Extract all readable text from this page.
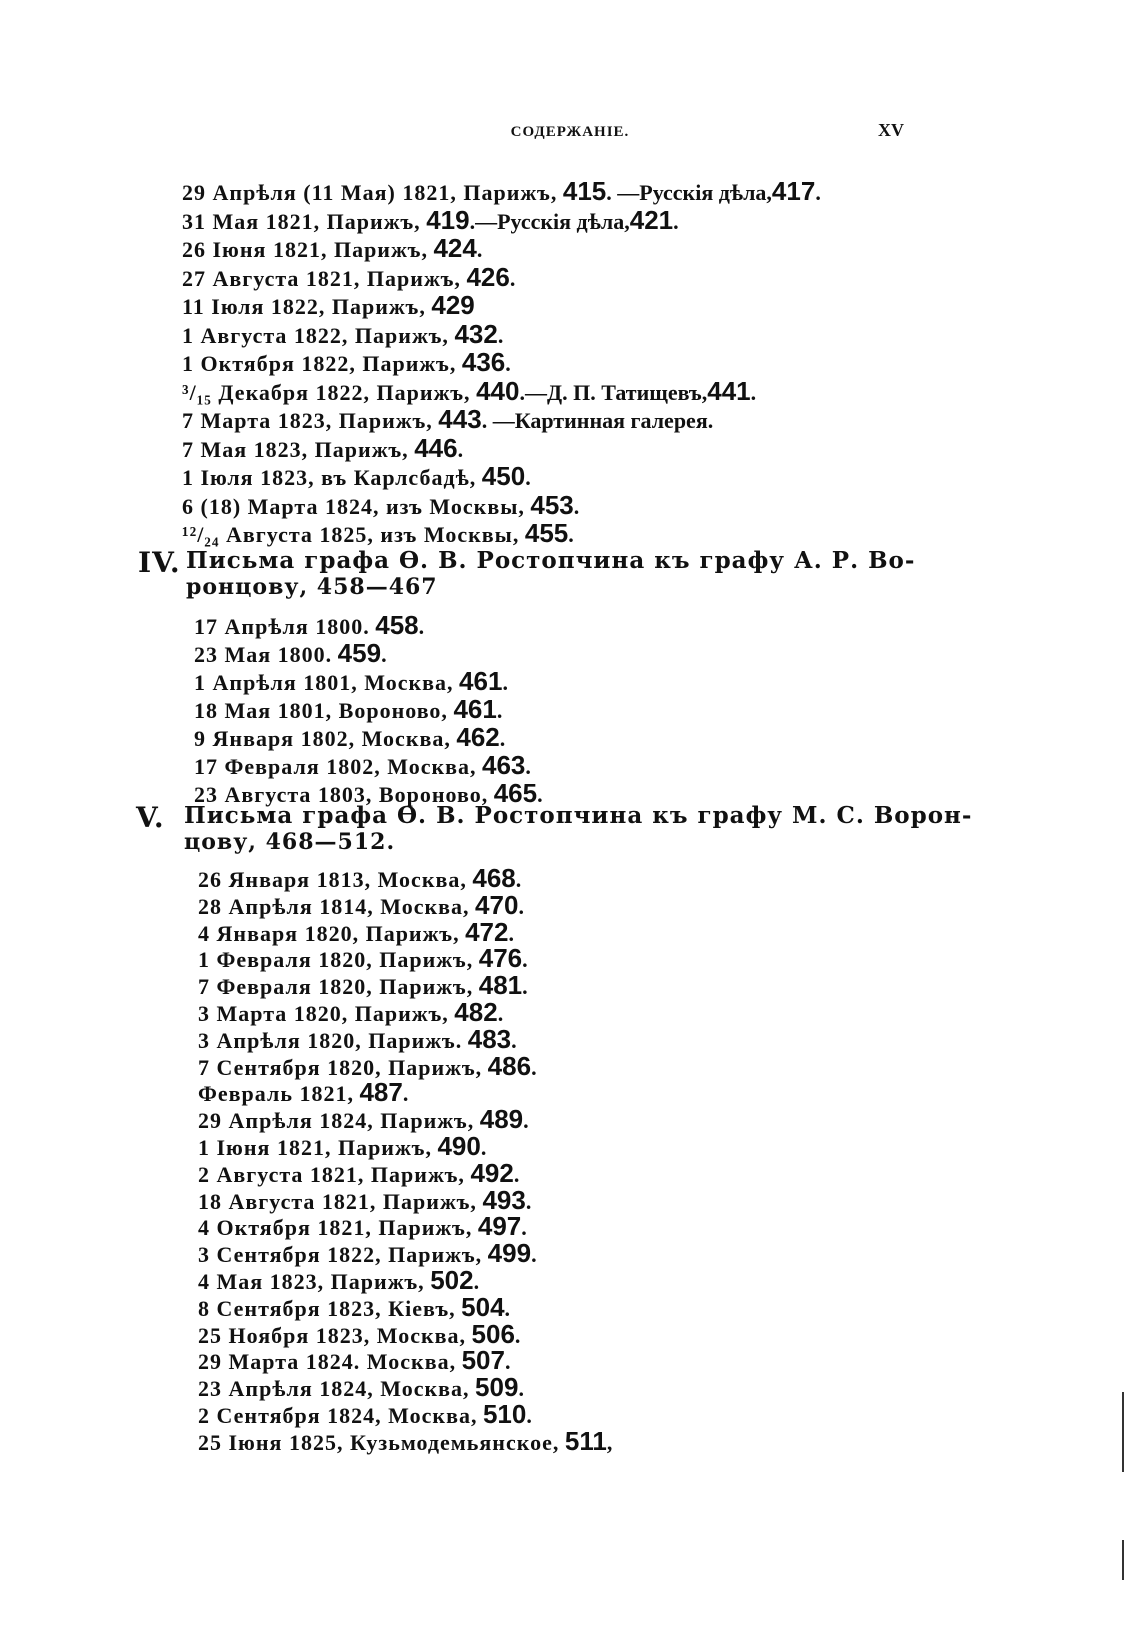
СОДЕРЖАНІЕ.	XV
29 Апрѣля (11 Мая) 1821, Парижъ, 415. —Русскія дѣла,417.
31 Мая 1821, Парижъ, 419.—Русскія дѣла,421.
26 Іюня 1821, Парижъ, 424.
27 Августа 1821, Парижъ, 426.
11 Іюля 1822, Парижъ, 429
1 Августа 1822, Парижъ, 432.
1 Октября 1822, Парижъ, 436.
³/₁₅ Декабря 1822, Парижъ, 440.—Д. П. Татищевъ,441.
7 Марта 1823, Парижъ, 443. —Картинная галерея.
7 Мая 1823, Парижъ, 446.
1 Іюля 1823, въ Карлсбадѣ, 450.
6 (18) Марта 1824, изъ Москвы, 453.
¹²/₂₄ Августа 1825, изъ Москвы, 455.
IV. Письма графа Ѳ. В. Ростопчина къ графу А. Р. Во-
ронцову, 458—467
17 Апрѣля 1800. 458.
23 Мая 1800. 459.
1 Апрѣля 1801, Москва, 461.
18 Мая 1801, Вороново, 461.
9 Января 1802, Москва, 462.
17 Февраля 1802, Москва, 463.
23 Августа 1803, Вороново, 465.
V. Письма графа Ѳ. В. Ростопчина къ графу М. С. Ворон-
цову, 468—512.
26 Января 1813, Москва, 468.
28 Апрѣля 1814, Москва, 470.
4 Января 1820, Парижъ, 472.
1 Февраля 1820, Парижъ, 476.
7 Февраля 1820, Парижъ, 481.
3 Марта 1820, Парижъ, 482.
3 Апрѣля 1820, Парижъ. 483.
7 Сентября 1820, Парижъ, 486.
Февраль 1821, 487.
29 Апрѣля 1824, Парижъ, 489.
1 Іюня 1821, Парижъ, 490.
2 Августа 1821, Парижъ, 492.
18 Августа 1821, Парижъ, 493.
4 Октября 1821, Парижъ, 497.
3 Сентября 1822, Парижъ, 499.
4 Мая 1823, Парижъ, 502.
8 Сентября 1823, Кіевъ, 504.
25 Ноября 1823, Москва, 506.
29 Марта 1824. Москва, 507.
23 Апрѣля 1824, Москва, 509.
2 Сентября 1824, Москва, 510.
25 Іюня 1825, Кузьмодемьянское, 511,
